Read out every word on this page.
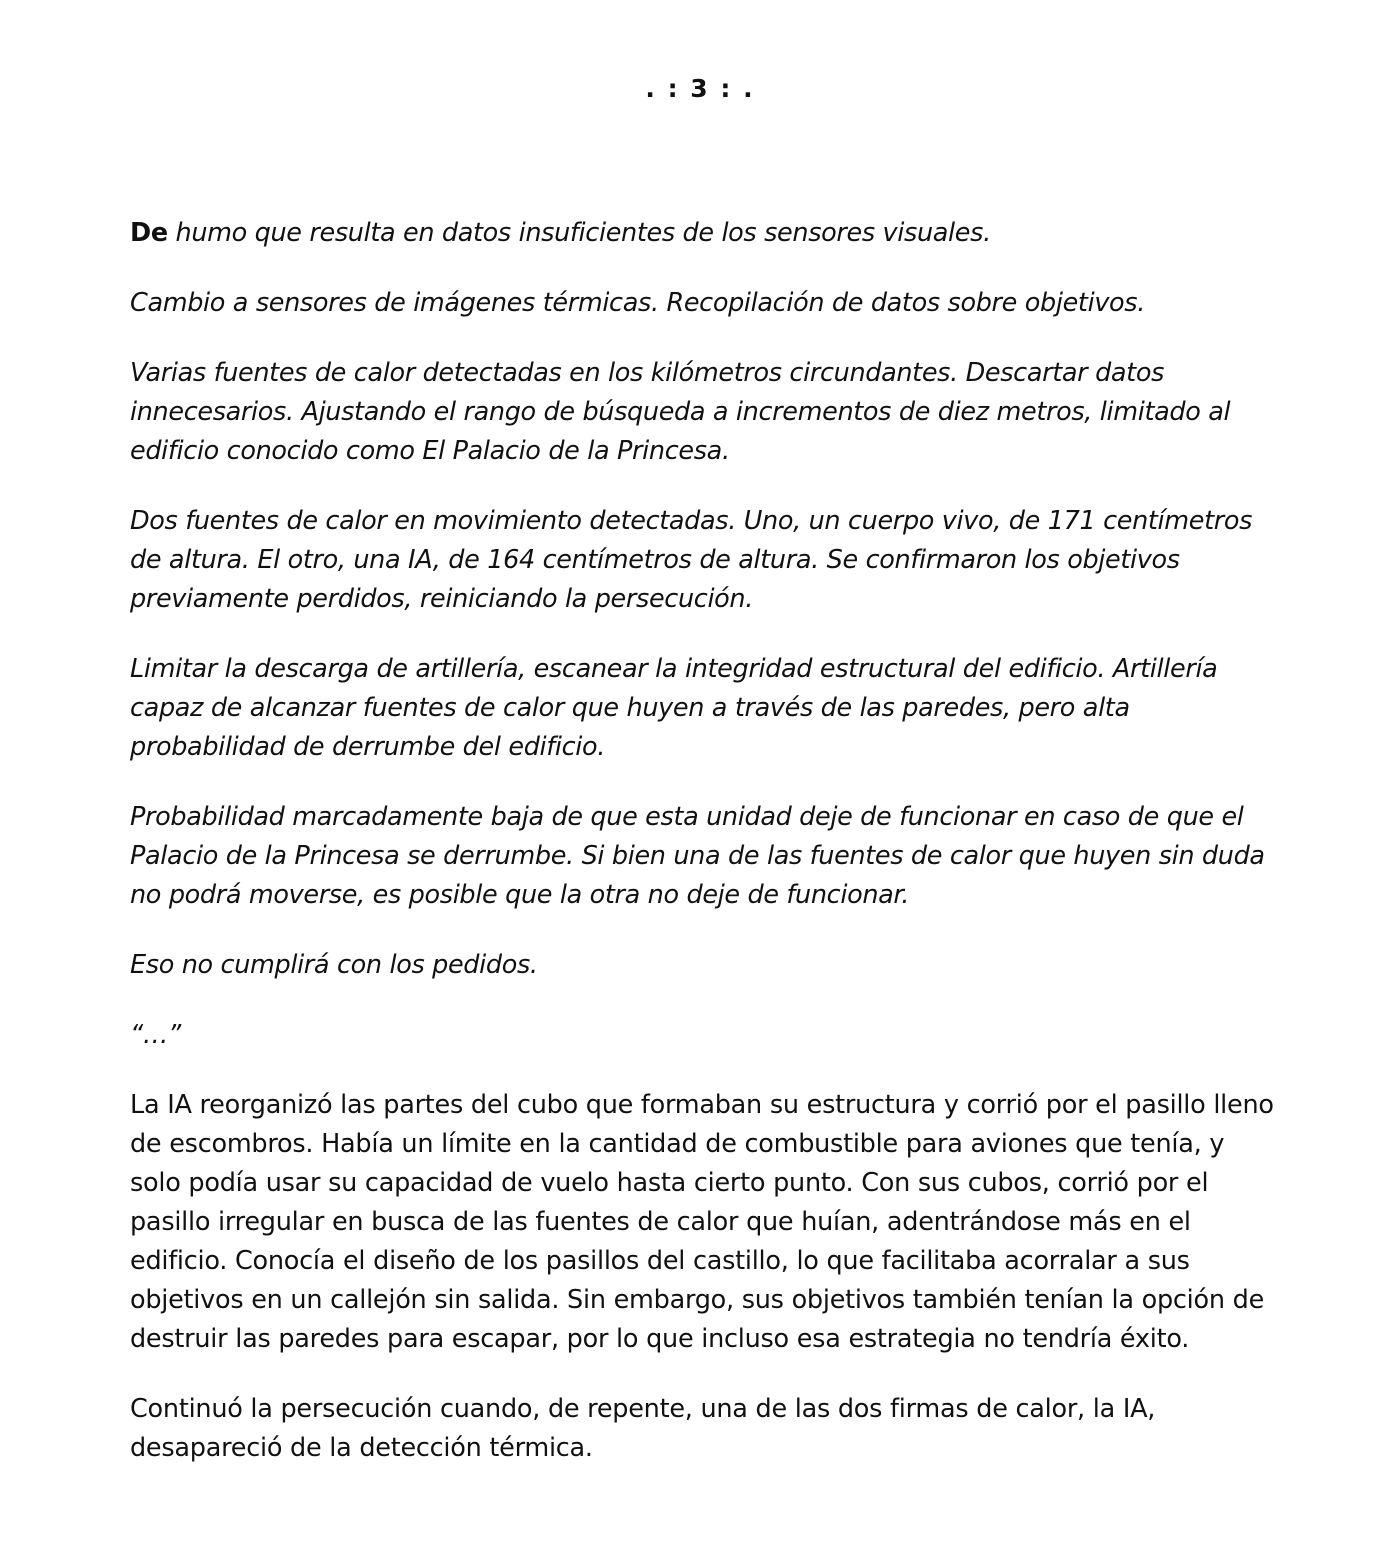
. : 3 : .

De humo que resulta en datos insuficientes de los sensores visuales.

Cambio a sensores de imágenes térmicas. Recopilación de datos sobre objetivos.

Varias fuentes de calor detectadas en los kilómetros circundantes. Descartar datos innecesarios. Ajustando el rango de búsqueda a incrementos de diez metros, limitado al edificio conocido como El Palacio de la Princesa.

Dos fuentes de calor en movimiento detectadas. Uno, un cuerpo vivo, de 171 centímetros de altura. El otro, una IA, de 164 centímetros de altura. Se confirmaron los objetivos previamente perdidos, reiniciando la persecución.

Limitar la descarga de artillería, escanear la integridad estructural del edificio. Artillería capaz de alcanzar fuentes de calor que huyen a través de las paredes, pero alta probabilidad de derrumbe del edificio.

Probabilidad marcadamente baja de que esta unidad deje de funcionar en caso de que el Palacio de la Princesa se derrumbe. Si bien una de las fuentes de calor que huyen sin duda no podrá moverse, es posible que la otra no deje de funcionar.

Eso no cumplirá con los pedidos.

“…”

La IA reorganizó las partes del cubo que formaban su estructura y corrió por el pasillo lleno de escombros. Había un límite en la cantidad de combustible para aviones que tenía, y solo podía usar su capacidad de vuelo hasta cierto punto. Con sus cubos, corrió por el pasillo irregular en busca de las fuentes de calor que huían, adentrándose más en el edificio. Conocía el diseño de los pasillos del castillo, lo que facilitaba acorralar a sus objetivos en un callejón sin salida. Sin embargo, sus objetivos también tenían la opción de destruir las paredes para escapar, por lo que incluso esa estrategia no tendría éxito.

Continuó la persecución cuando, de repente, una de las dos firmas de calor, la IA, desapareció de la detección térmica.
